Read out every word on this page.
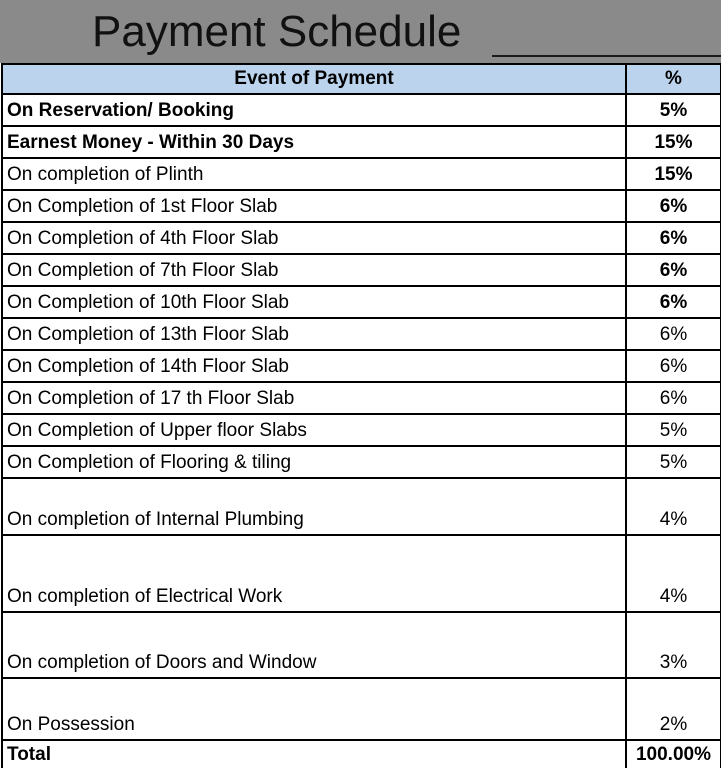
Payment Schedule
Event of Payment	%
On Reservation/ Booking	5%
Earnest Money - Within 30 Days	15%
On completion of Plinth	15%
On Completion of 1st Floor Slab	6%
On Completion of 4th Floor Slab	6%
On Completion of 7th Floor Slab	6%
On Completion of 10th Floor Slab	6%
On Completion of 13th Floor Slab	6%
On Completion of 14th Floor Slab	6%
On Completion of 17 th Floor Slab	6%
On Completion of Upper floor Slabs	5%
On Completion of Flooring & tiling	5%
On completion of Internal Plumbing	4%
On completion of Electrical Work	4%
On completion of Doors and Window	3%
On Possession	2%
Total	100.00%
